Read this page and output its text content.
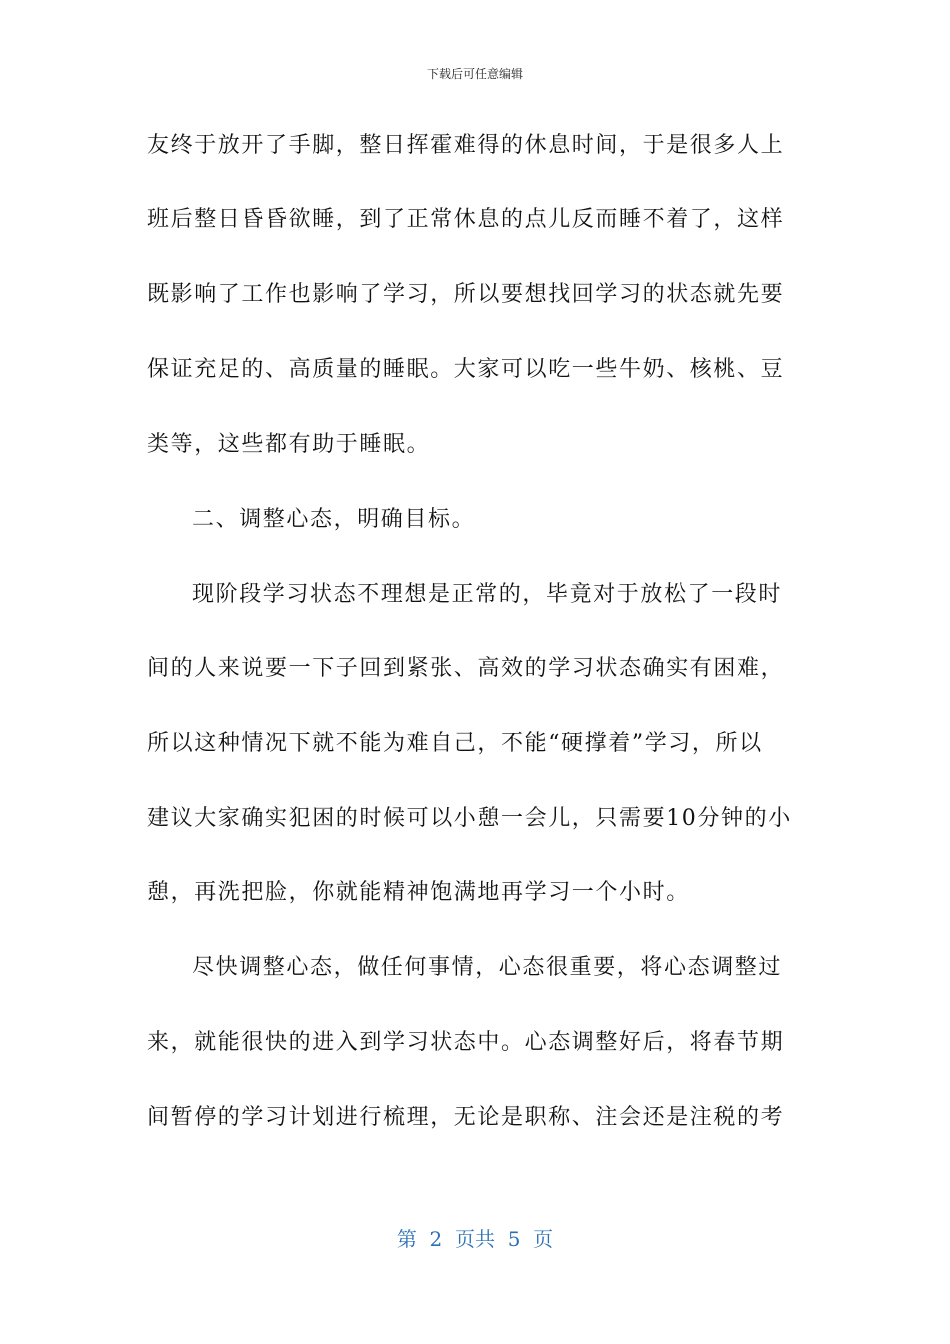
下载后可任意编辑
友终于放开了手脚，整日挥霍难得的休息时间，于是很多人上
班后整日昏昏欲睡，到了正常休息的点儿反而睡不着了，这样
既影响了工作也影响了学习，所以要想找回学习的状态就先要
保证充足的、高质量的睡眠。大家可以吃一些牛奶、核桃、豆
类等，这些都有助于睡眠。
二、调整心态，明确目标。
现阶段学习状态不理想是正常的，毕竟对于放松了一段时
间的人来说要一下子回到紧张、高效的学习状态确实有困难，
所以这种情况下就不能为难自己，不能“硬撑着”学习，所以
建议大家确实犯困的时候可以小憩一会儿，只需要10分钟的小
憩，再洗把脸，你就能精神饱满地再学习一个小时。
尽快调整心态，做任何事情，心态很重要，将心态调整过
来，就能很快的进入到学习状态中。心态调整好后，将春节期
间暂停的学习计划进行梳理，无论是职称、注会还是注税的考
第  2  页共  5  页
